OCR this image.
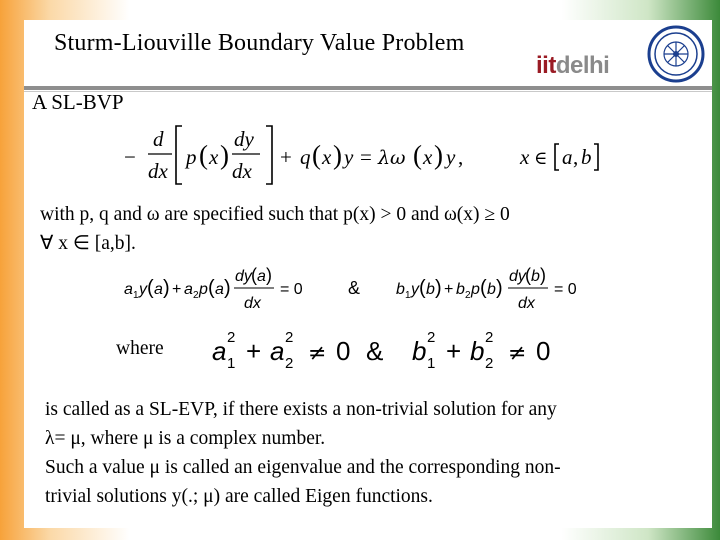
Sturm-Liouville Boundary Value Problem
iitdelhi
A SL-BVP
−
d
dx
p ( x )
dy
dx
+ q ( x ) y = λω ( x ) y ,	x ∈ a , b
with p, q and ω are specified such that p(x) > 0 and ω(x) ≥ 0
∀ x ∈ [a,b].
a 1 y ( a ) + a 2 p ( a )
dy ( a )
dx
= 0	& b 1 y ( b ) + b 2 p ( b )
dy ( b )
dx
= 0
where a 2
1 + a 2
2 ≠ 0 & b 2
1 + b 2
2 ≠ 0
is called as a SL-EVP, if there exists a non-trivial solution for any
λ= μ, where μ is a complex number.
Such a value μ is called an eigenvalue and the corresponding non-
trivial solutions y(.; μ) are called Eigen functions.
